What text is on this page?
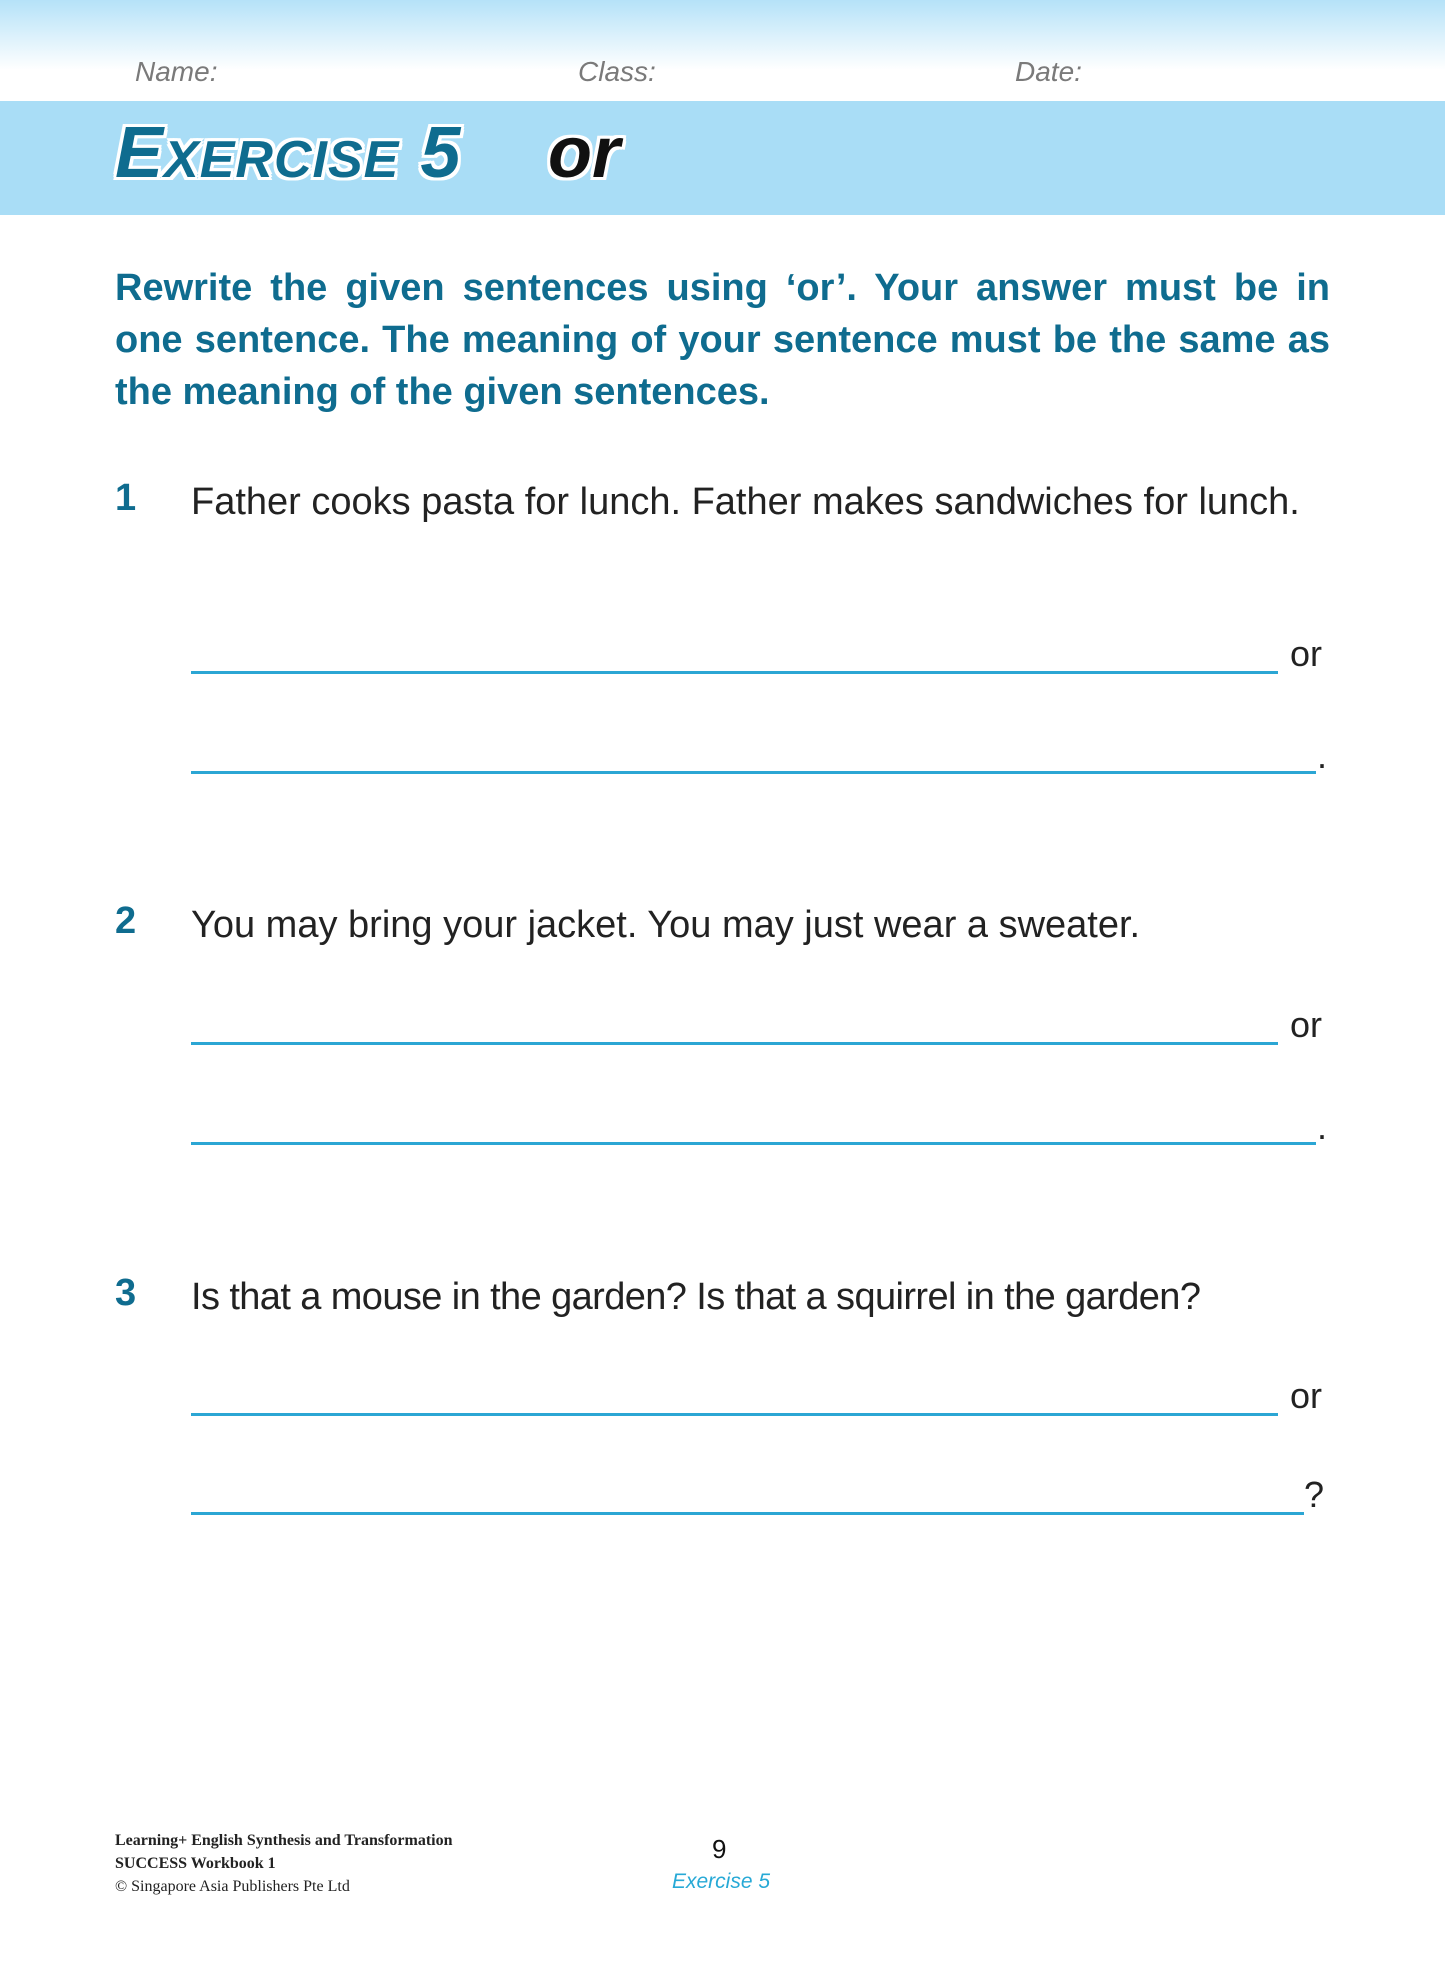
Name:	Class:	Date:
EXERCISE 5 or
Rewrite the given sentences using ‘or’. Your answer must be in one sentence. The meaning of your sentence must be the same as the meaning of the given sentences.
1 Father cooks pasta for lunch. Father makes sandwiches for lunch.
or
.
2 You may bring your jacket. You may just wear a sweater.
or
.
3 Is that a mouse in the garden? Is that a squirrel in the garden?
or
?
Learning+ English Synthesis and Transformation
SUCCESS Workbook 1
© Singapore Asia Publishers Pte Ltd
9
Exercise 5
